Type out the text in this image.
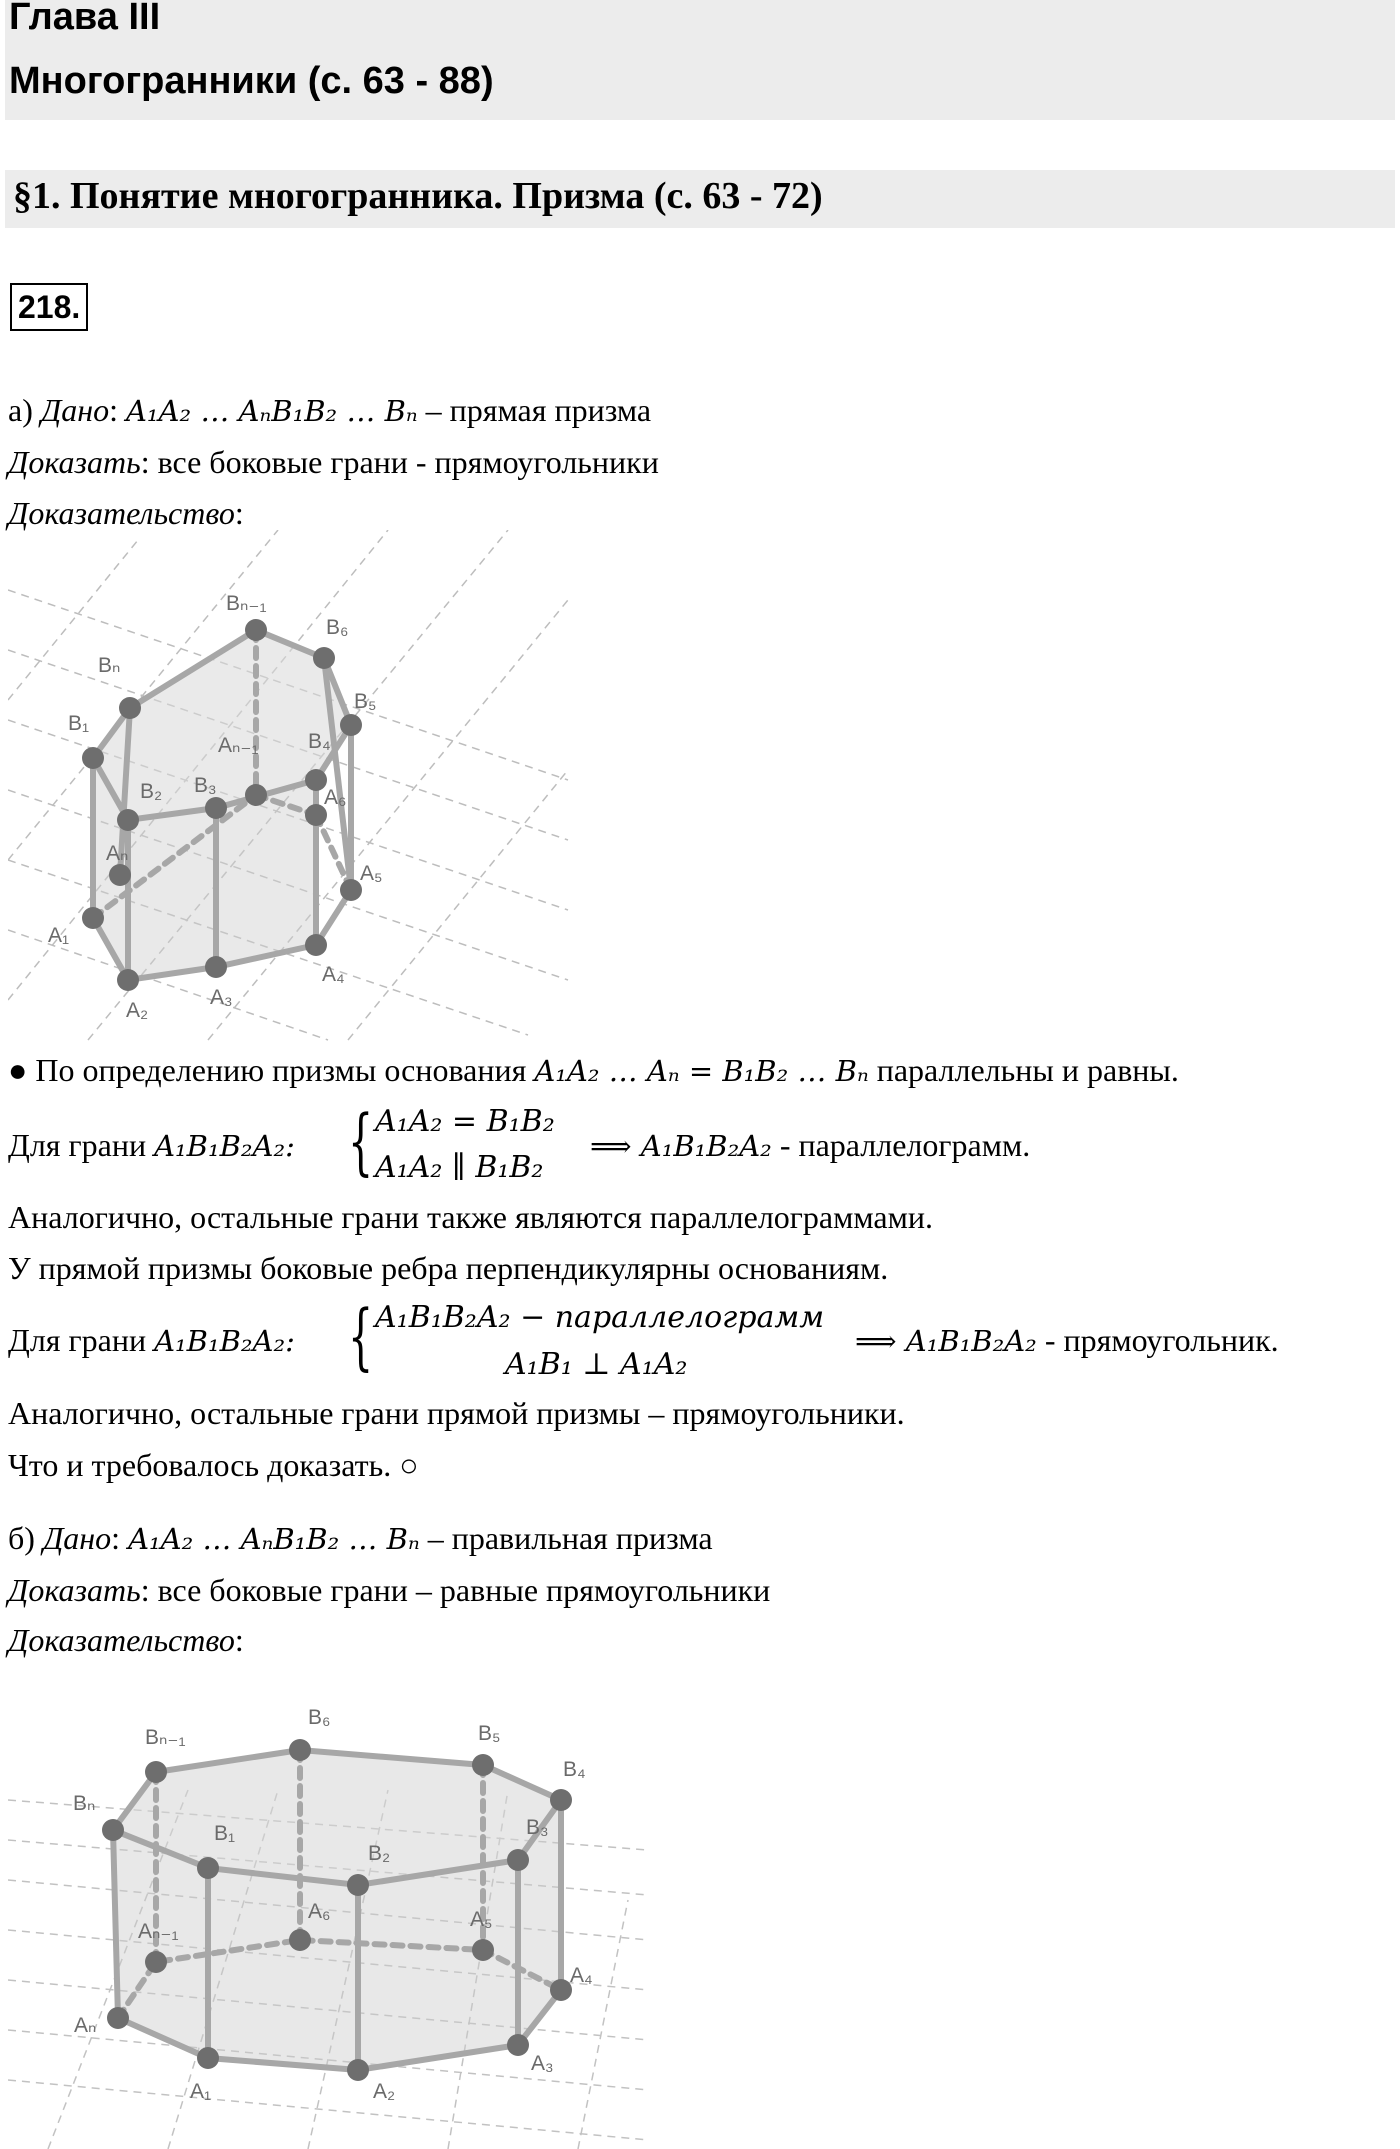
Глава III
Многогранники (с. 63 - 88)
§1. Понятие многогранника. Призма (с. 63 - 72)
218.
а) Дано: A₁A₂ … AₙB₁B₂ … Bₙ – прямая призма
Доказать: все боковые грани - прямоугольники
Доказательство:
Bₙ₋₁
B₆
Bₙ
B₅
B₁
B₄
Aₙ₋₁
B₂ B₃
A₆
Aₙ
A₅
A₁
A₄
A₂
A₃
● По определению призмы основания A₁A₂ … Aₙ = B₁B₂ … Bₙ параллельны и равны.
Для грани A₁B₁B₂A₂: { A₁A₂ = B₁B₂
A₁A₂ ∥ B₁B₂
⟹ A₁B₁B₂A₂ - параллелограмм.
Аналогично, остальные грани также являются параллелограммами.
У прямой призмы боковые ребра перпендикулярны основаниям.
Для грани A₁B₁B₂A₂: { A₁B₁B₂A₂ − параллелограмм
A₁B₁ ⊥ A₁A₂
⟹ A₁B₁B₂A₂ - прямоугольник.
Аналогично, остальные грани прямой призмы – прямоугольники.
Что и требовалось доказать. ○
б) Дано: A₁A₂ … AₙB₁B₂ … Bₙ – правильная призма
Доказать: все боковые грани – равные прямоугольники
Доказательство:
B₆
Bₙ₋₁	B₅
Bₙ
B₄
B₁	B₃
B₂
A₆
Aₙ₋₁
A₅
A₄
Aₙ
A₃
A₁	A₂
